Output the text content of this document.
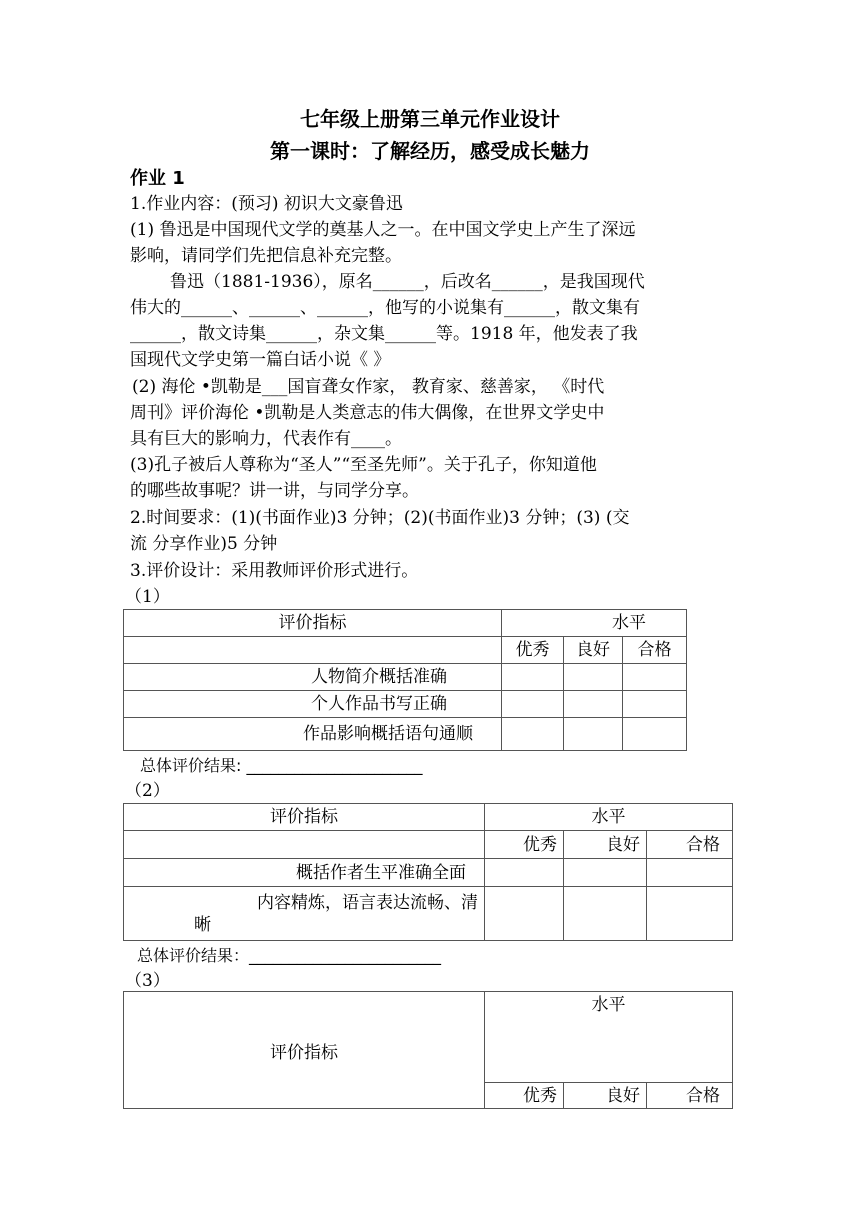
七年级上册第三单元作业设计
第一课时：了解经历，感受成长魅力
作业 1
1.作业内容：(预习) 初识大文豪鲁迅
(1) 鲁迅是中国现代文学的奠基人之一。在中国文学史上产生了深远
影响，请同学们先把信息补充完整。
鲁迅（1881-1936），原名______，后改名______，是我国现代
伟大的______、______、______，他写的小说集有______，散文集有
______，散文诗集______，杂文集______等。1918 年，他发表了我
国现代文学史第一篇白话小说《 》
(2) 海伦 •凯勒是___国盲聋女作家， 教育家、慈善家， 《时代
周刊》评价海伦 •凯勒是人类意志的伟大偶像，在世界文学史中
具有巨大的影响力，代表作有____。
(3)孔子被后人尊称为“圣人”“至圣先师”。关于孔子，你知道他
的哪些故事呢？讲一讲，与同学分享。
2.时间要求：(1)(书面作业)3 分钟；(2)(书面作业)3 分钟；(3) (交
流 分享作业)5 分钟
3.评价设计：采用教师评价形式进行。
（1）
评价指标	水平		
	优秀	良好	合格
人物简介概括准确			
个人作品书写正确			
作品影响概括语句通顺			
总体评价结果: ______________________
（2）
评价指标	水平		
	优秀	良好	合格
概括作者生平准确全面			

内容精炼，语言表达流畅、清
晰			

总体评价结果：________________________
（3）
评价指标	水平		
	优秀	良好	合格
